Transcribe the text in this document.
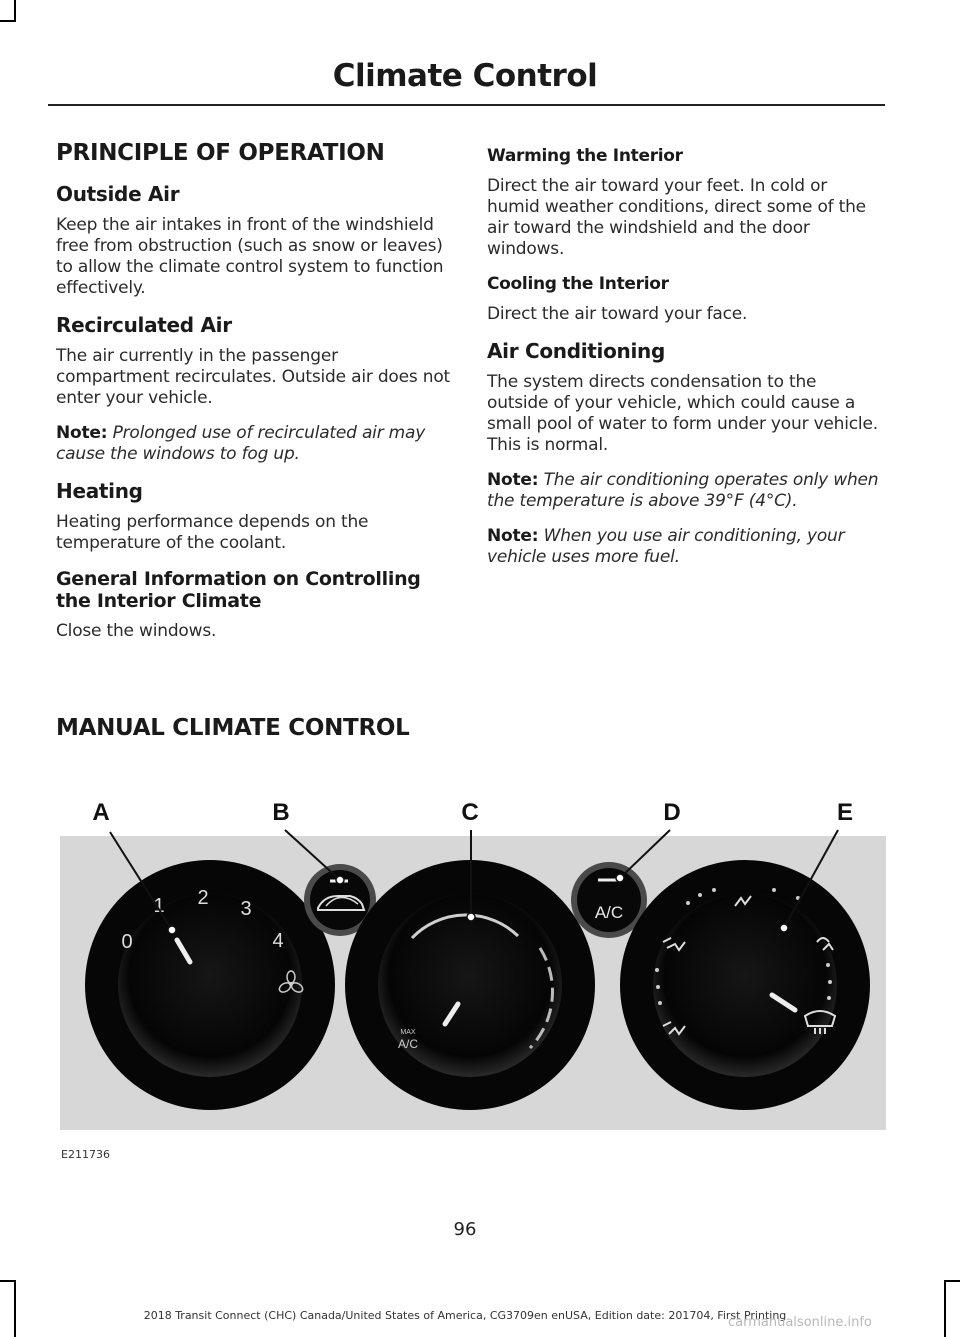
Climate Control
PRINCIPLE OF OPERATION
Outside Air

Keep the air intakes in front of the windshield free from obstruction (such as snow or leaves) to allow the climate control system to function effectively.

Recirculated Air

The air currently in the passenger compartment recirculates. Outside air does not enter your vehicle.

Note: Prolonged use of recirculated air may cause the windows to fog up.

Heating

Heating performance depends on the temperature of the coolant.

General Information on Controlling the Interior Climate

Close the windows.

Warming the Interior

Direct the air toward your feet. In cold or humid weather conditions, direct some of the air toward the windshield and the door windows.

Cooling the Interior

Direct the air toward your face.

Air Conditioning

The system directs condensation to the outside of your vehicle, which could cause a small pool of water to form under your vehicle. This is normal.

Note: The air conditioning operates only when the temperature is above 39°F (4°C).

Note: When you use air conditioning, your vehicle uses more fuel.

MANUAL CLIMATE CONTROL
A	B	C	D	E
0
1 2 3
4
MAX
A/C
A/C
E211736
96
2018 Transit Connect (CHC) Canada/United States of America, CG3709en enUSA, Edition date: 201704, First Printing
carmanualsonline.info
